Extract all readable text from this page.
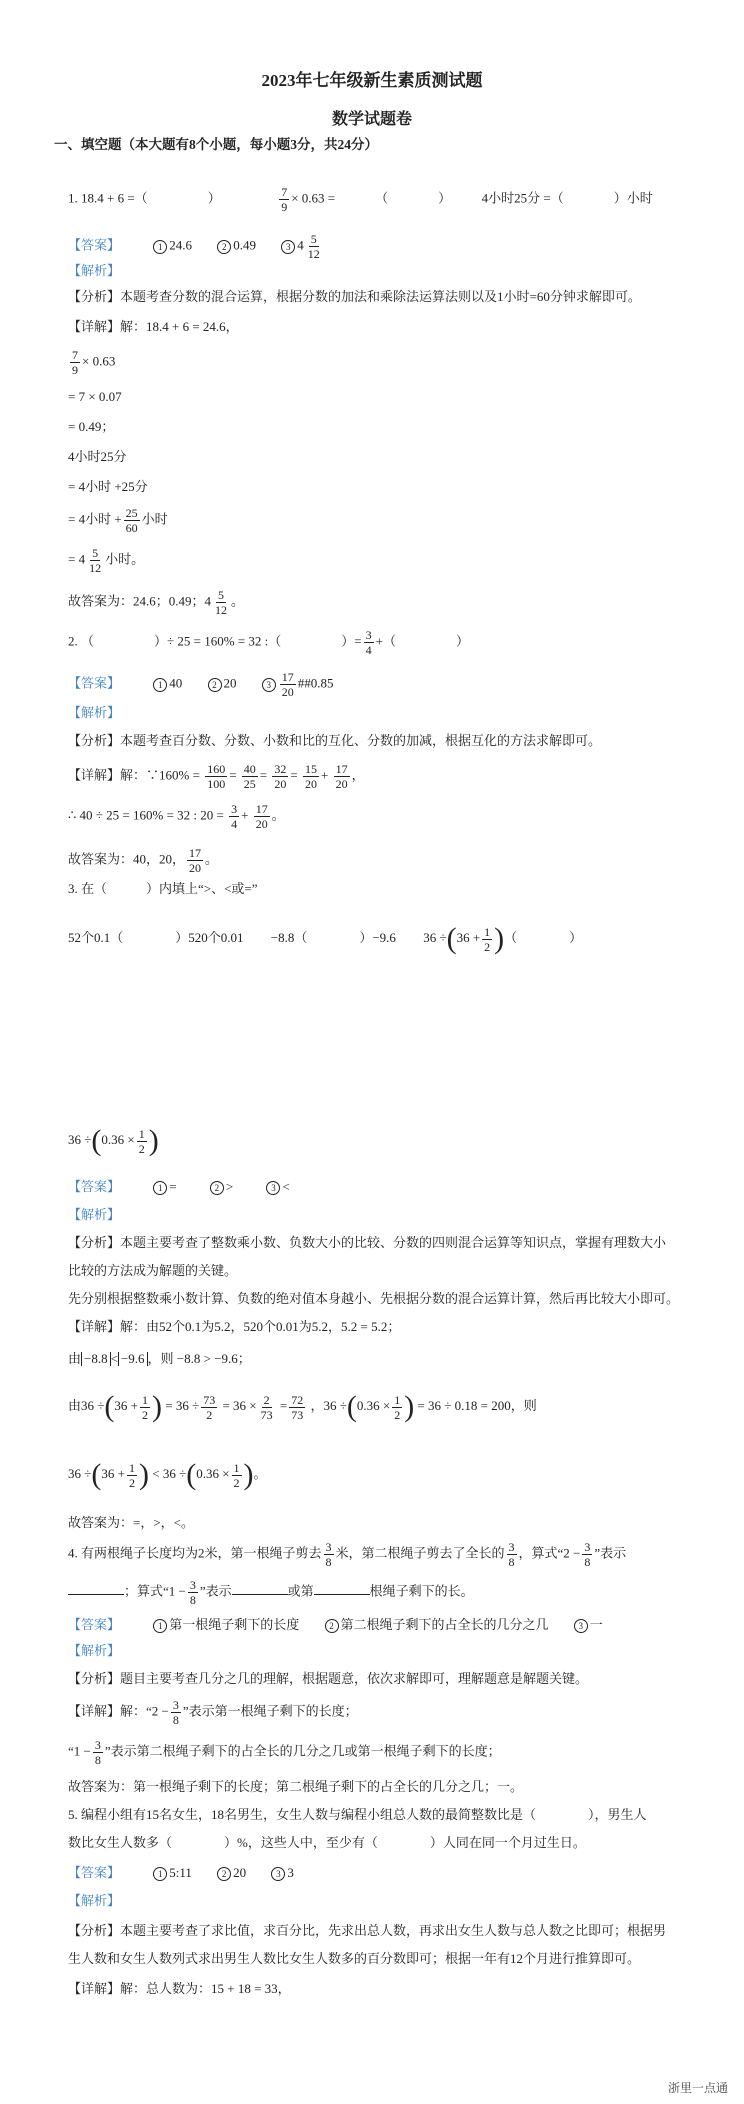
2023年七年级新生素质测试题
数学试题卷
一、填空题（本大题有8个小题，每小题3分，共24分）
1. 18.4 + 6 =（	）	$\frac{7}{9} \times 0.63$ =	（	） 4小时25分 =（	）小时
【答案】	1 24.6	2 0.49	3 $4 \frac{5}{12}$
【解析】
【分析】本题考查分数的混合运算，根据分数的加法和乘除法运算法则以及1小时=60分钟求解即可。
【详解】解：18.4 + 6 = 24.6，
$\frac{7}{9} \times 0.63$
= 7 × 0.07
= 0.49；
4小时25分
= 4小时 +25分
= 4小时 + $\frac{25}{60}$ 小时
= $4 \frac{5}{12}$ 小时。
故答案为：24.6；0.49；$4 \frac{5}{12}$ 。
2. （	）÷ 25 = 160% = 32 :（	）= $\frac{3}{4}$ +（	）
【答案】	1 40	2 20	$3 \frac{17}{20}$ ##0.85
【解析】
【分析】本题考查百分数、分数、小数和比的互化、分数的加减，根据互化的方法求解即可。
【详解】解：∵160% = $\frac{160}{100} = \frac{40}{25} = \frac{32}{20} = \frac{15}{20} + \frac{17}{20}$ ，
∴ 40 ÷ 25 = 160% = 32 : $20 = \frac{3}{4} + \frac{17}{20}$ 。
故答案为：40，20， $\frac{17}{20}$ 。
3. 在（　　　）内填上“>、<或=”
52个0.1（　　　　）520个0.01 −8.8（　　　　）−9.6 $36 \div(36 + \frac{1}{2}$ )（　　　　）
$36 \div(0.36 \times \frac{1}{2}$ )
【答案】	1 =	2 >	3 <
【解析】
【分析】本题主要考查了整数乘小数、负数大小的比较、分数的四则混合运算等知识点，掌握有理数大小
比较的方法成为解题的关键。
先分别根据整数乘小数计算、负数的绝对值本身越小、先根据分数的混合运算计算，然后再比较大小即可。
【详解】解：由52个0.1为5.2，520个0.01为5.2，5.2 = 5.2；
由 −8.8 < −9.6 ，则 −8.8 > −9.6；
由$36 \div(36 + \frac{1}{2}$ ) = $36 \div \frac{73}{2} = 36 \times \frac{2}{73} = \frac{72}{73}$ ，$36 \div(0.36 \times \frac{1}{2}$ ) = 36 ÷ 0.18 = 200，则
$36 \div(36 + \frac{1}{2}$ ) < $36 \div(0.36 \times \frac{1}{2}$ )。
故答案为：=，>，<。
4. 有两根绳子长度均为2米，第一根绳子剪去 $\frac{3}{8}$ 米，第二根绳子剪去了全长的 $\frac{3}{8}$ ，算式“$2 - \frac{3}{8}$ ”表示
；算式“$1 - \frac{3}{8}$ ”表示	或第	根绳子剩下的长。
【答案】	1 第一根绳子剩下的长度	2 第二根绳子剩下的占全长的几分之几	3 一
【解析】
【分析】题目主要考查几分之几的理解，根据题意，依次求解即可，理解题意是解题关键。
【详解】解：“$2 - \frac{3}{8}$ ”表示第一根绳子剩下的长度；
“$1 - \frac{3}{8}$ ”表示第二根绳子剩下的占全长的几分之几或第一根绳子剩下的长度；
故答案为：第一根绳子剩下的长度；第二根绳子剩下的占全长的几分之几；一。
5. 编程小组有15名女生，18名男生，女生人数与编程小组总人数的最简整数比是（　　　　），男生人
数比女生人数多（　　　　）%，这些人中，至少有（　　　　）人同在同一个月过生日。
【答案】	1 5:11	2 20	3 3
【解析】
【分析】本题主要考查了求比值，求百分比，先求出总人数，再求出女生人数与总人数之比即可；根据男
生人数和女生人数列式求出男生人数比女生人数多的百分数即可；根据一年有12个月进行推算即可。
【详解】解：总人数为：15 + 18 = 33，
浙里一点通
